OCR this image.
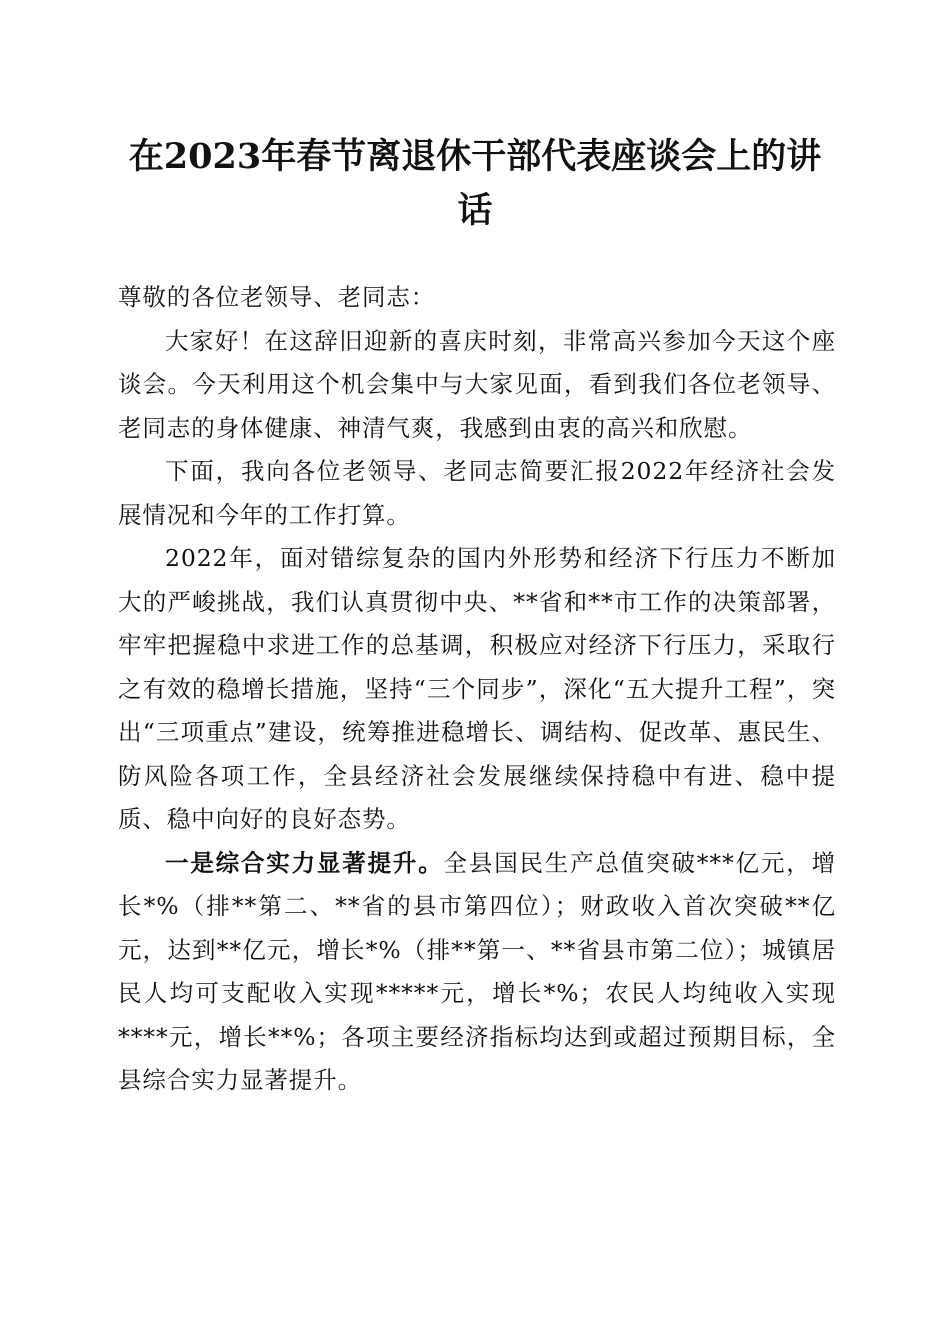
在2023年春节离退休干部代表座谈会上的讲话

尊敬的各位老领导、老同志：

大家好！在这辞旧迎新的喜庆时刻，非常高兴参加今天这个座谈会。今天利用这个机会集中与大家见面，看到我们各位老领导、老同志的身体健康、神清气爽，我感到由衷的高兴和欣慰。

下面，我向各位老领导、老同志简要汇报2022年经济社会发展情况和今年的工作打算。

2022年，面对错综复杂的国内外形势和经济下行压力不断加大的严峻挑战，我们认真贯彻中央、**省和**市工作的决策部署，牢牢把握稳中求进工作的总基调，积极应对经济下行压力，采取行之有效的稳增长措施，坚持“三个同步”，深化“五大提升工程”，突出“三项重点”建设，统筹推进稳增长、调结构、促改革、惠民生、防风险各项工作，全县经济社会发展继续保持稳中有进、稳中提质、稳中向好的良好态势。

一是综合实力显著提升。全县国民生产总值突破***亿元，增长*%（排**第二、**省的县市第四位）；财政收入首次突破**亿元，达到**亿元，增长*%（排**第一、**省县市第二位）；城镇居民人均可支配收入实现*****元，增长*%；农民人均纯收入实现****元，增长**%；各项主要经济指标均达到或超过预期目标，全县综合实力显著提升。
